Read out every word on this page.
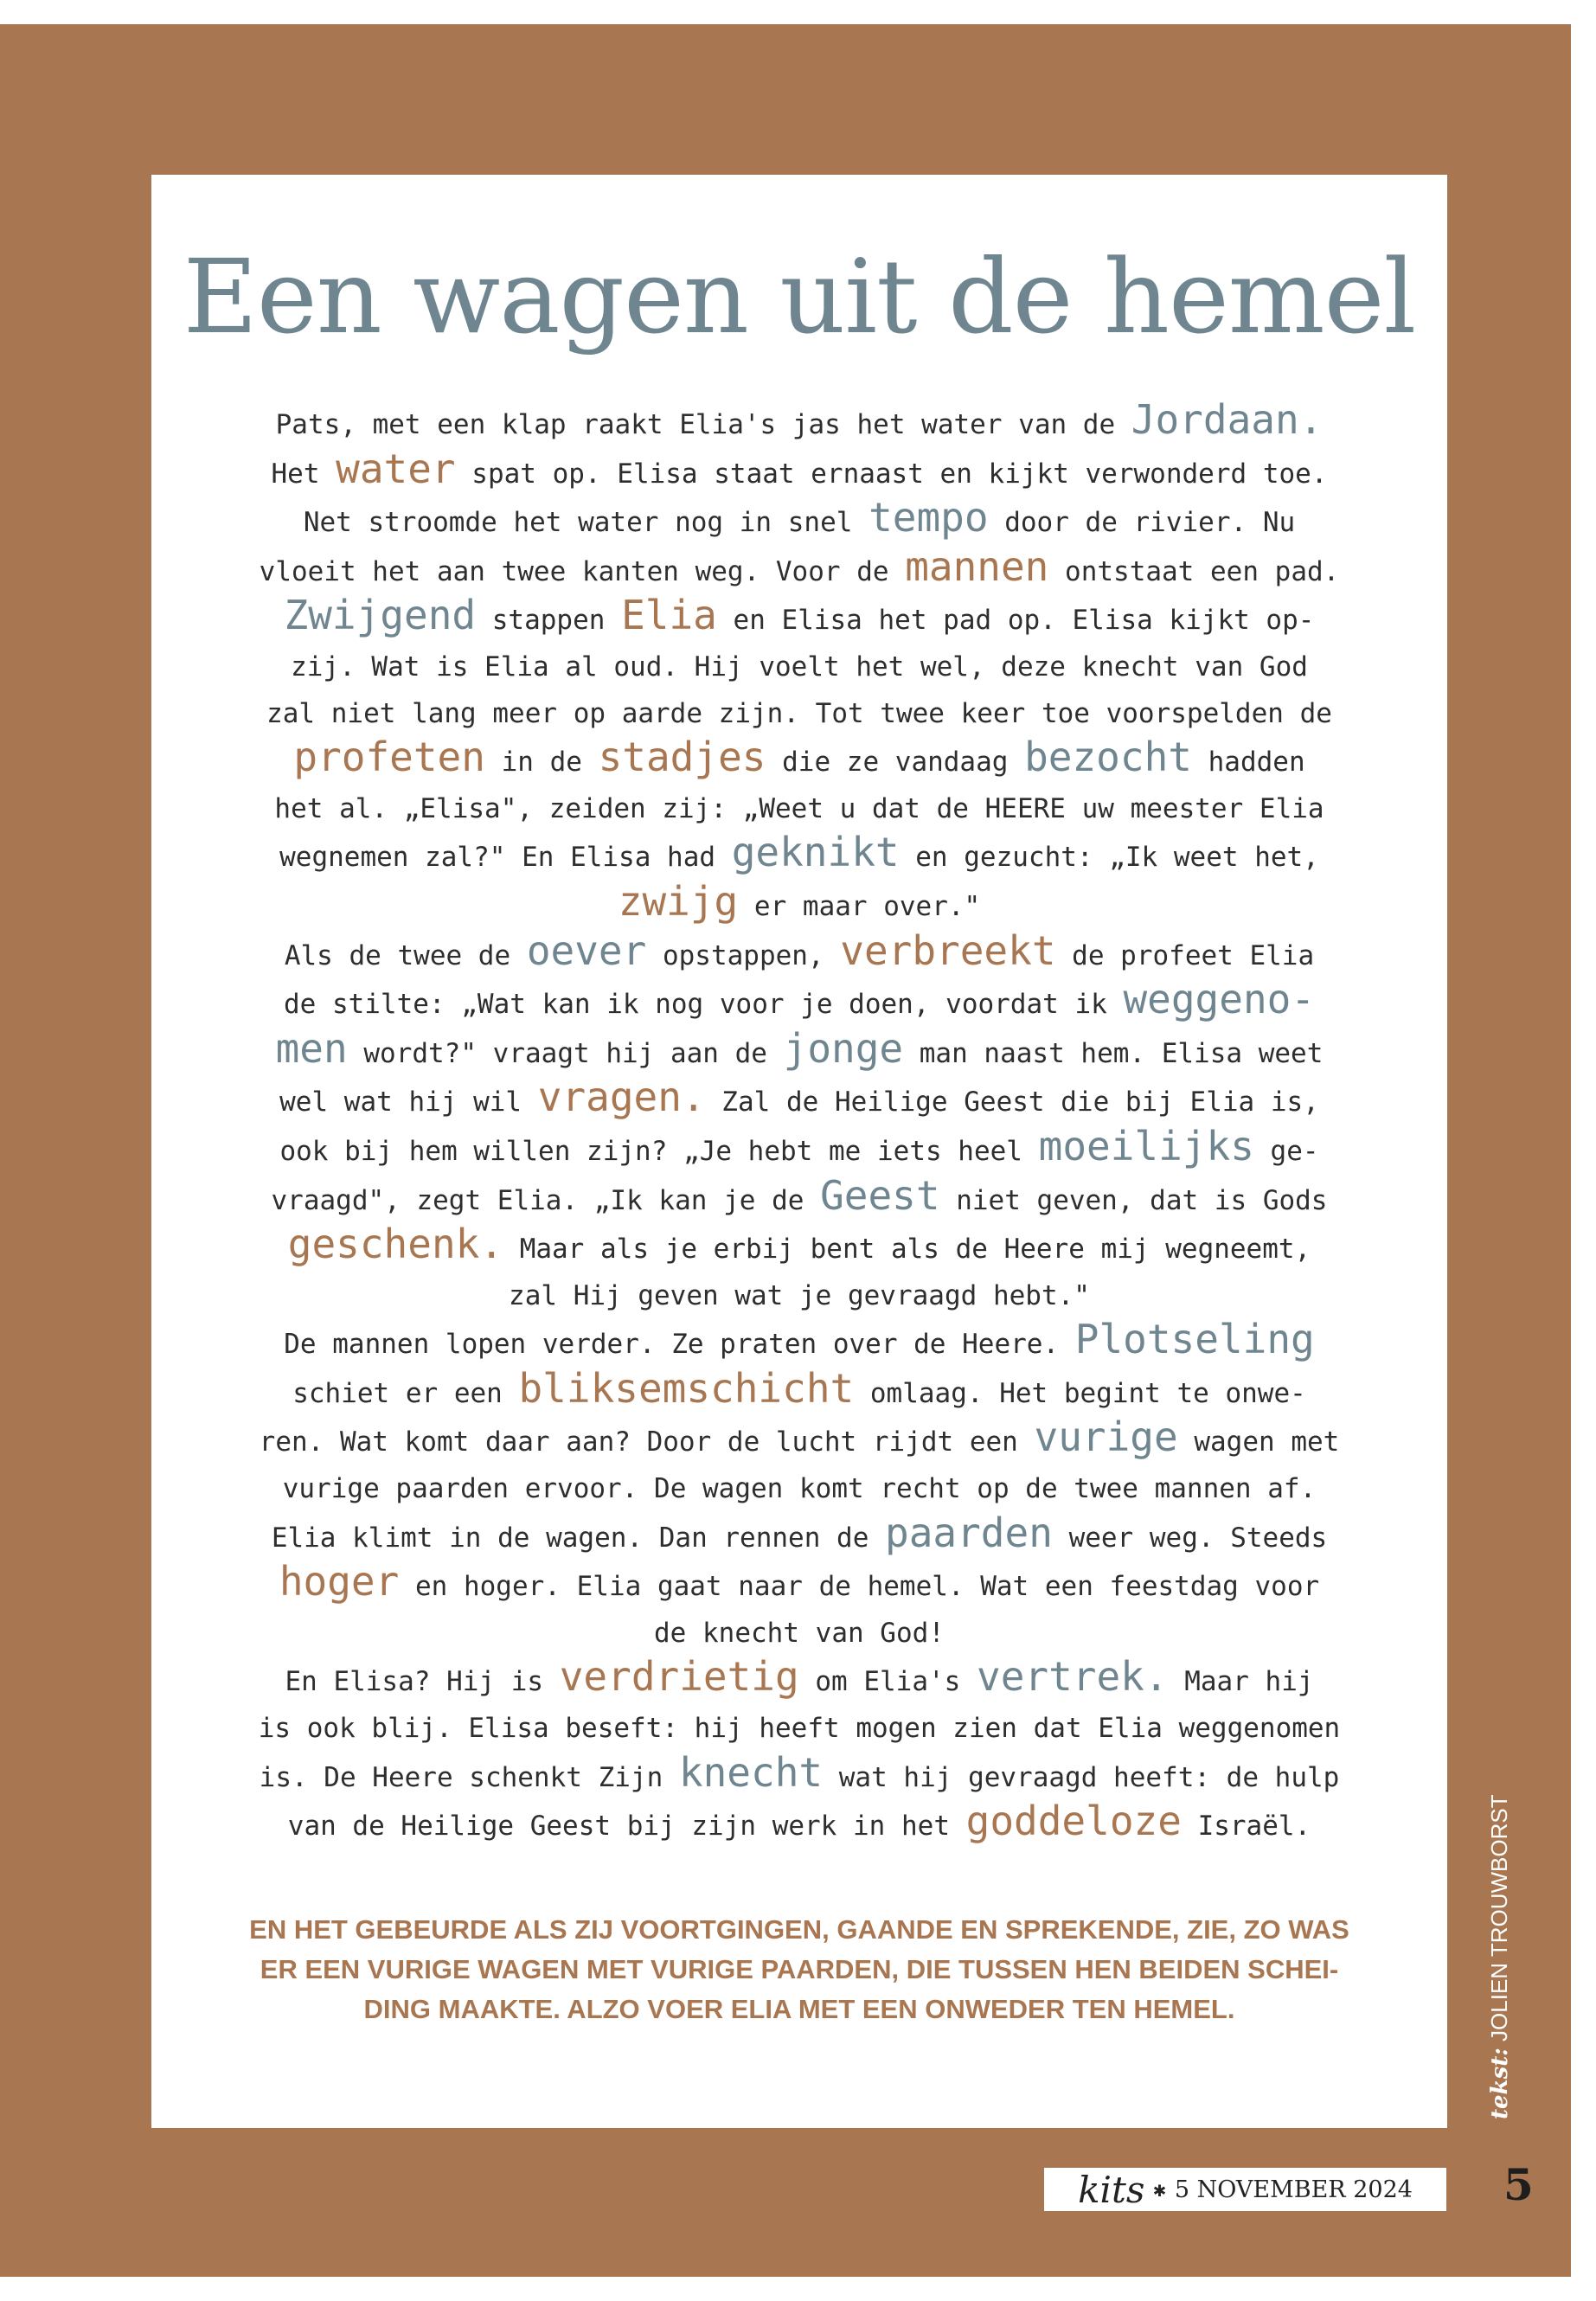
Een wagen uit de hemel

Pats, met een klap raakt Elia's jas het water van de Jordaan.

Het water spat op. Elisa staat ernaast en kijkt verwonderd toe.

Net stroomde het water nog in snel tempo door de rivier. Nu

vloeit het aan twee kanten weg. Voor de mannen ontstaat een pad.

Zwijgend stappen Elia en Elisa het pad op. Elisa kijkt op-

zij. Wat is Elia al oud. Hij voelt het wel, deze knecht van God

zal niet lang meer op aarde zijn. Tot twee keer toe voorspelden de

profeten in de stadjes die ze vandaag bezocht hadden

het al. „Elisa", zeiden zij: „Weet u dat de HEERE uw meester Elia

wegnemen zal?" En Elisa had geknikt en gezucht: „Ik weet het,

zwijg er maar over."

Als de twee de oever opstappen, verbreekt de profeet Elia

de stilte: „Wat kan ik nog voor je doen, voordat ik weggeno-

men wordt?" vraagt hij aan de jonge man naast hem. Elisa weet

wel wat hij wil vragen. Zal de Heilige Geest die bij Elia is,

ook bij hem willen zijn? „Je hebt me iets heel moeilijks ge-

vraagd", zegt Elia. „Ik kan je de Geest niet geven, dat is Gods

geschenk. Maar als je erbij bent als de Heere mij wegneemt,

zal Hij geven wat je gevraagd hebt."

De mannen lopen verder. Ze praten over de Heere. Plotseling

schiet er een bliksemschicht omlaag. Het begint te onwe-

ren. Wat komt daar aan? Door de lucht rijdt een vurige wagen met

vurige paarden ervoor. De wagen komt recht op de twee mannen af.

Elia klimt in de wagen. Dan rennen de paarden weer weg. Steeds

hoger en hoger. Elia gaat naar de hemel. Wat een feestdag voor

de knecht van God!

En Elisa? Hij is verdrietig om Elia's vertrek. Maar hij

is ook blij. Elisa beseft: hij heeft mogen zien dat Elia weggenomen

is. De Heere schenkt Zijn knecht wat hij gevraagd heeft: de hulp

van de Heilige Geest bij zijn werk in het goddeloze Israël.

EN HET GEBEURDE ALS ZIJ VOORTGINGEN, GAANDE EN SPREKENDE, ZIE, ZO WAS
ER EEN VURIGE WAGEN MET VURIGE PAARDEN, DIE TUSSEN HEN BEIDEN SCHEI-
DING MAAKTE. ALZO VOER ELIA MET EEN ONWEDER TEN HEMEL.
tekst: JOLIEN TROUWBORST
kits ✱ 5 NOVEMBER 2024 5
